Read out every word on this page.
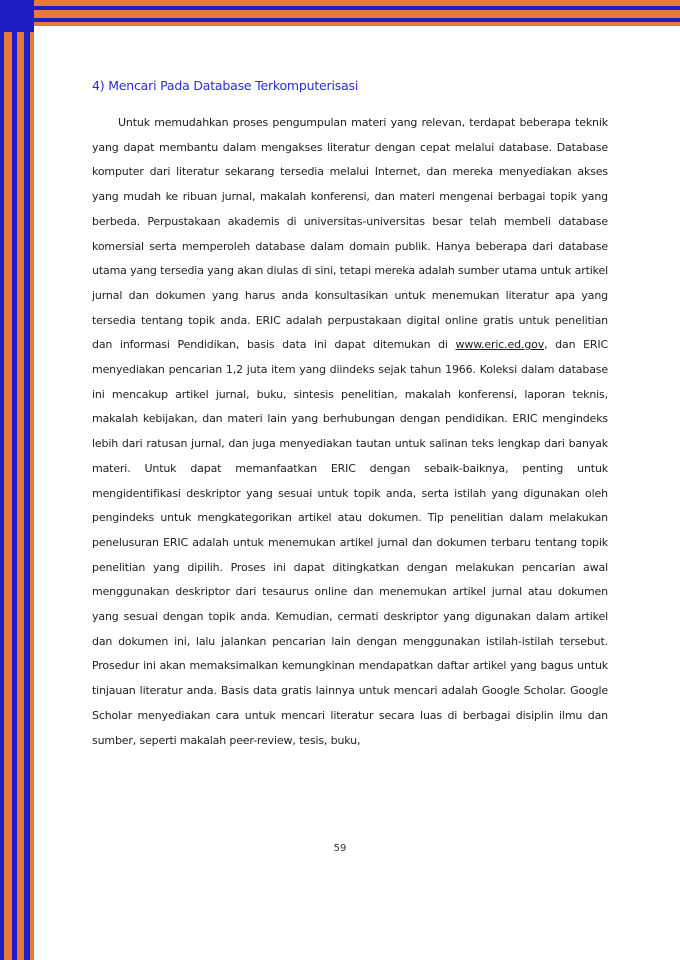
4) Mencari Pada Database Terkomputerisasi

Untuk memudahkan proses pengumpulan materi yang relevan, terdapat beberapa teknik yang dapat membantu dalam mengakses literatur dengan cepat melalui database. Database komputer dari literatur sekarang tersedia melalui Internet, dan mereka menyediakan akses yang mudah ke ribuan jurnal, makalah konferensi, dan materi mengenai berbagai topik yang berbeda. Perpustakaan akademis di universitas-universitas besar telah membeli database komersial serta memperoleh database dalam domain publik. Hanya beberapa dari database utama yang tersedia yang akan diulas di sini, tetapi mereka adalah sumber utama untuk artikel jurnal dan dokumen yang harus anda konsultasikan untuk menemukan literatur apa yang tersedia tentang topik anda. ERIC adalah perpustakaan digital online gratis untuk penelitian dan informasi Pendidikan, basis data ini dapat ditemukan di www.eric.ed.gov, dan ERIC menyediakan pencarian 1,2 juta item yang diindeks sejak tahun 1966. Koleksi dalam database ini mencakup artikel jurnal, buku, sintesis penelitian, makalah konferensi, laporan teknis, makalah kebijakan, dan materi lain yang berhubungan dengan pendidikan. ERIC mengindeks lebih dari ratusan jurnal, dan juga menyediakan tautan untuk salinan teks lengkap dari banyak materi. Untuk dapat memanfaatkan ERIC dengan sebaik-baiknya, penting untuk mengidentifikasi deskriptor yang sesuai untuk topik anda, serta istilah yang digunakan oleh pengindeks untuk mengkategorikan artikel atau dokumen. Tip penelitian dalam melakukan penelusuran ERIC adalah untuk menemukan artikel jurnal dan dokumen terbaru tentang topik penelitian yang dipilih. Proses ini dapat ditingkatkan dengan melakukan pencarian awal menggunakan deskriptor dari tesaurus online dan menemukan artikel jurnal atau dokumen yang sesuai dengan topik anda. Kemudian, cermati deskriptor yang digunakan dalam artikel dan dokumen ini, lalu jalankan pencarian lain dengan menggunakan istilah-istilah tersebut. Prosedur ini akan memaksimalkan kemungkinan mendapatkan daftar artikel yang bagus untuk tinjauan literatur anda. Basis data gratis lainnya untuk mencari adalah Google Scholar. Google Scholar menyediakan cara untuk mencari literatur secara luas di berbagai disiplin ilmu dan sumber, seperti makalah peer-review, tesis, buku,

59
